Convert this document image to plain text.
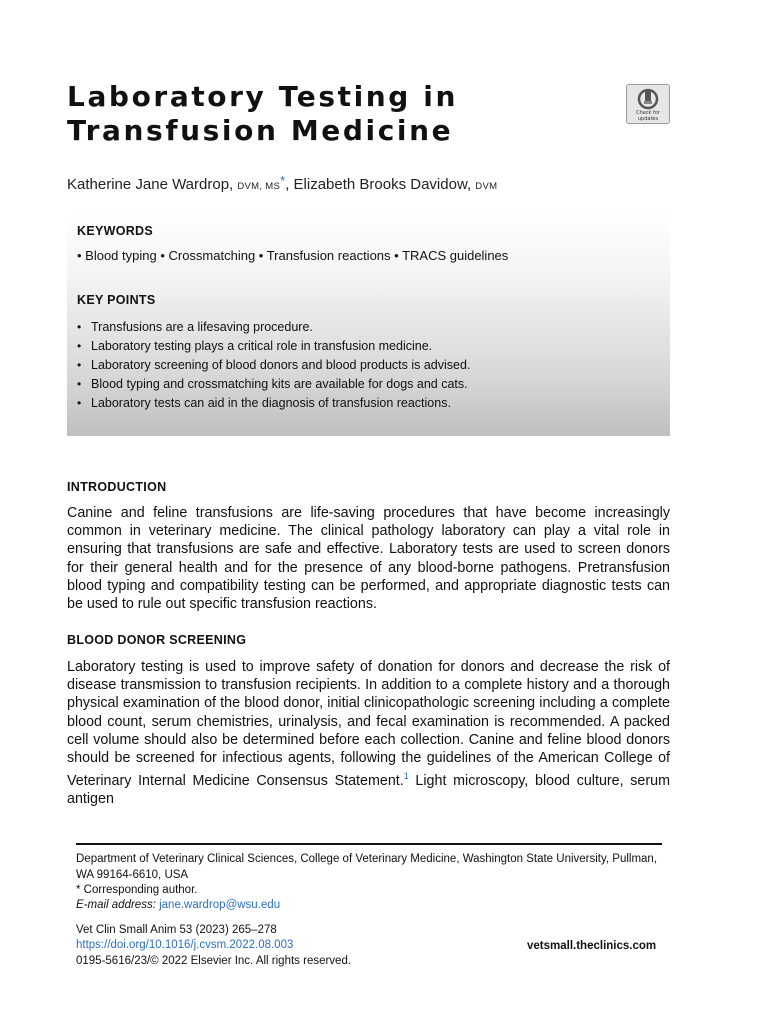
Laboratory Testing in
Transfusion Medicine
Check for
updates
Katherine Jane Wardrop, DVM, MS*, Elizabeth Brooks Davidow, DVM
KEYWORDS
• Blood typing • Crossmatching • Transfusion reactions • TRACS guidelines
KEY POINTS
• Transfusions are a lifesaving procedure.
• Laboratory testing plays a critical role in transfusion medicine.
• Laboratory screening of blood donors and blood products is advised.
• Blood typing and crossmatching kits are available for dogs and cats.
• Laboratory tests can aid in the diagnosis of transfusion reactions.
INTRODUCTION

Canine and feline transfusions are life-saving procedures that have become increasingly common in veterinary medicine. The clinical pathology laboratory can play a vital role in ensuring that transfusions are safe and effective. Laboratory tests are used to screen donors for their general health and for the presence of any blood-borne pathogens. Pretransfusion blood typing and compatibility testing can be performed, and appropriate diagnostic tests can be used to rule out specific transfusion reactions.

BLOOD DONOR SCREENING

Laboratory testing is used to improve safety of donation for donors and decrease the risk of disease transmission to transfusion recipients. In addition to a complete history and a thorough physical examination of the blood donor, initial clinicopathologic screening including a complete blood count, serum chemistries, urinalysis, and fecal examination is recommended. A packed cell volume should also be determined before each collection. Canine and feline blood donors should be screened for infectious agents, following the guidelines of the American College of Veterinary Internal Medicine Consensus Statement.$^1$ Light microscopy, blood culture, serum antigen

Department of Veterinary Clinical Sciences, College of Veterinary Medicine, Washington State University, Pullman, WA 99164-6610, USA
* Corresponding author.
E-mail address: jane.wardrop@wsu.edu
Vet Clin Small Anim 53 (2023) 265–278
https://doi.org/10.1016/j.cvsm.2022.08.003	vetsmall.theclinics.com
0195-5616/23/© 2022 Elsevier Inc. All rights reserved.
